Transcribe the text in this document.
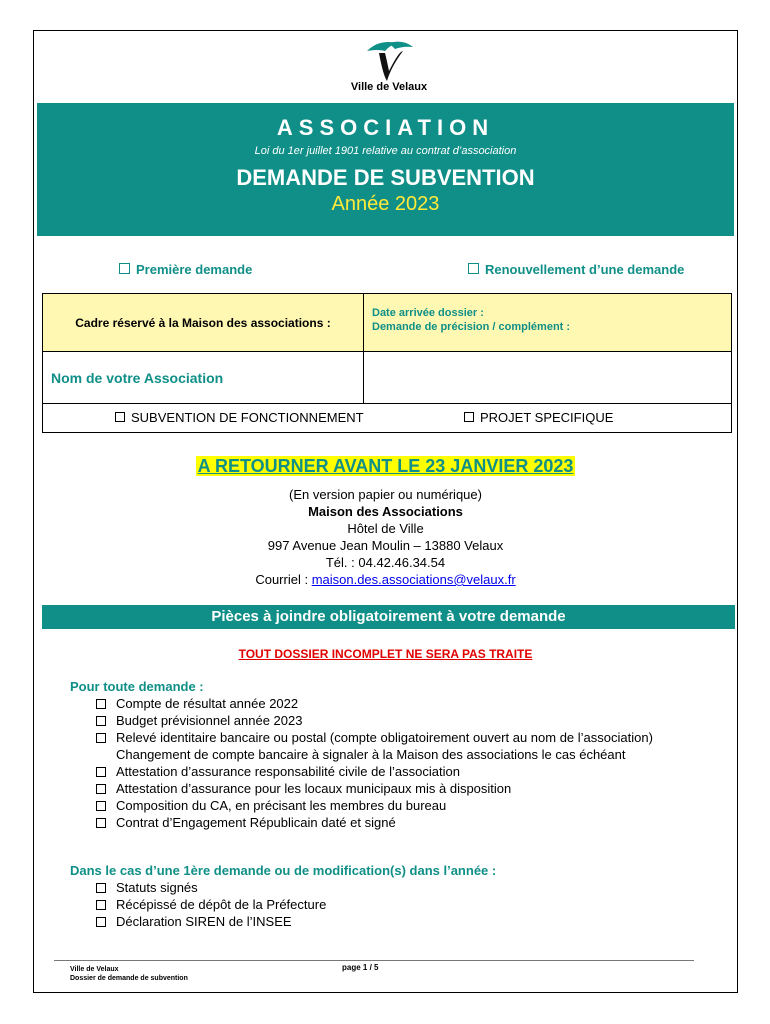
Ville de Velaux
ASSOCIATION
Loi du 1er juillet 1901 relative au contrat d’association
DEMANDE DE SUBVENTION
Année 2023
Première demande	Renouvellement d’une demande
Cadre réservé à la Maison des associations :
Date arrivée dossier :
Demande de précision / complément :
Nom de votre Association
SUBVENTION DE FONCTIONNEMENT	PROJET SPECIFIQUE
A RETOURNER AVANT LE 23 JANVIER 2023
(En version papier ou numérique)
Maison des Associations
Hôtel de Ville
997 Avenue Jean Moulin – 13880 Velaux
Tél. : 04.42.46.34.54
Courriel : maison.des.associations@velaux.fr
Pièces à joindre obligatoirement à votre demande
TOUT DOSSIER INCOMPLET NE SERA PAS TRAITE
Pour toute demande :
Compte de résultat année 2022
Budget prévisionnel année 2023
Relevé identitaire bancaire ou postal (compte obligatoirement ouvert au nom de l’association) Changement de compte bancaire à signaler à la Maison des associations le cas échéant
Attestation d’assurance responsabilité civile de l’association
Attestation d’assurance pour les locaux municipaux mis à disposition
Composition du CA, en précisant les membres du bureau
Contrat d’Engagement Républicain daté et signé
Dans le cas d’une 1ère demande ou de modification(s) dans l’année :
Statuts signés
Récépissé de dépôt de la Préfecture
Déclaration SIREN de l’INSEE
Ville de Velaux
Dossier de demande de subvention
page 1 / 5
